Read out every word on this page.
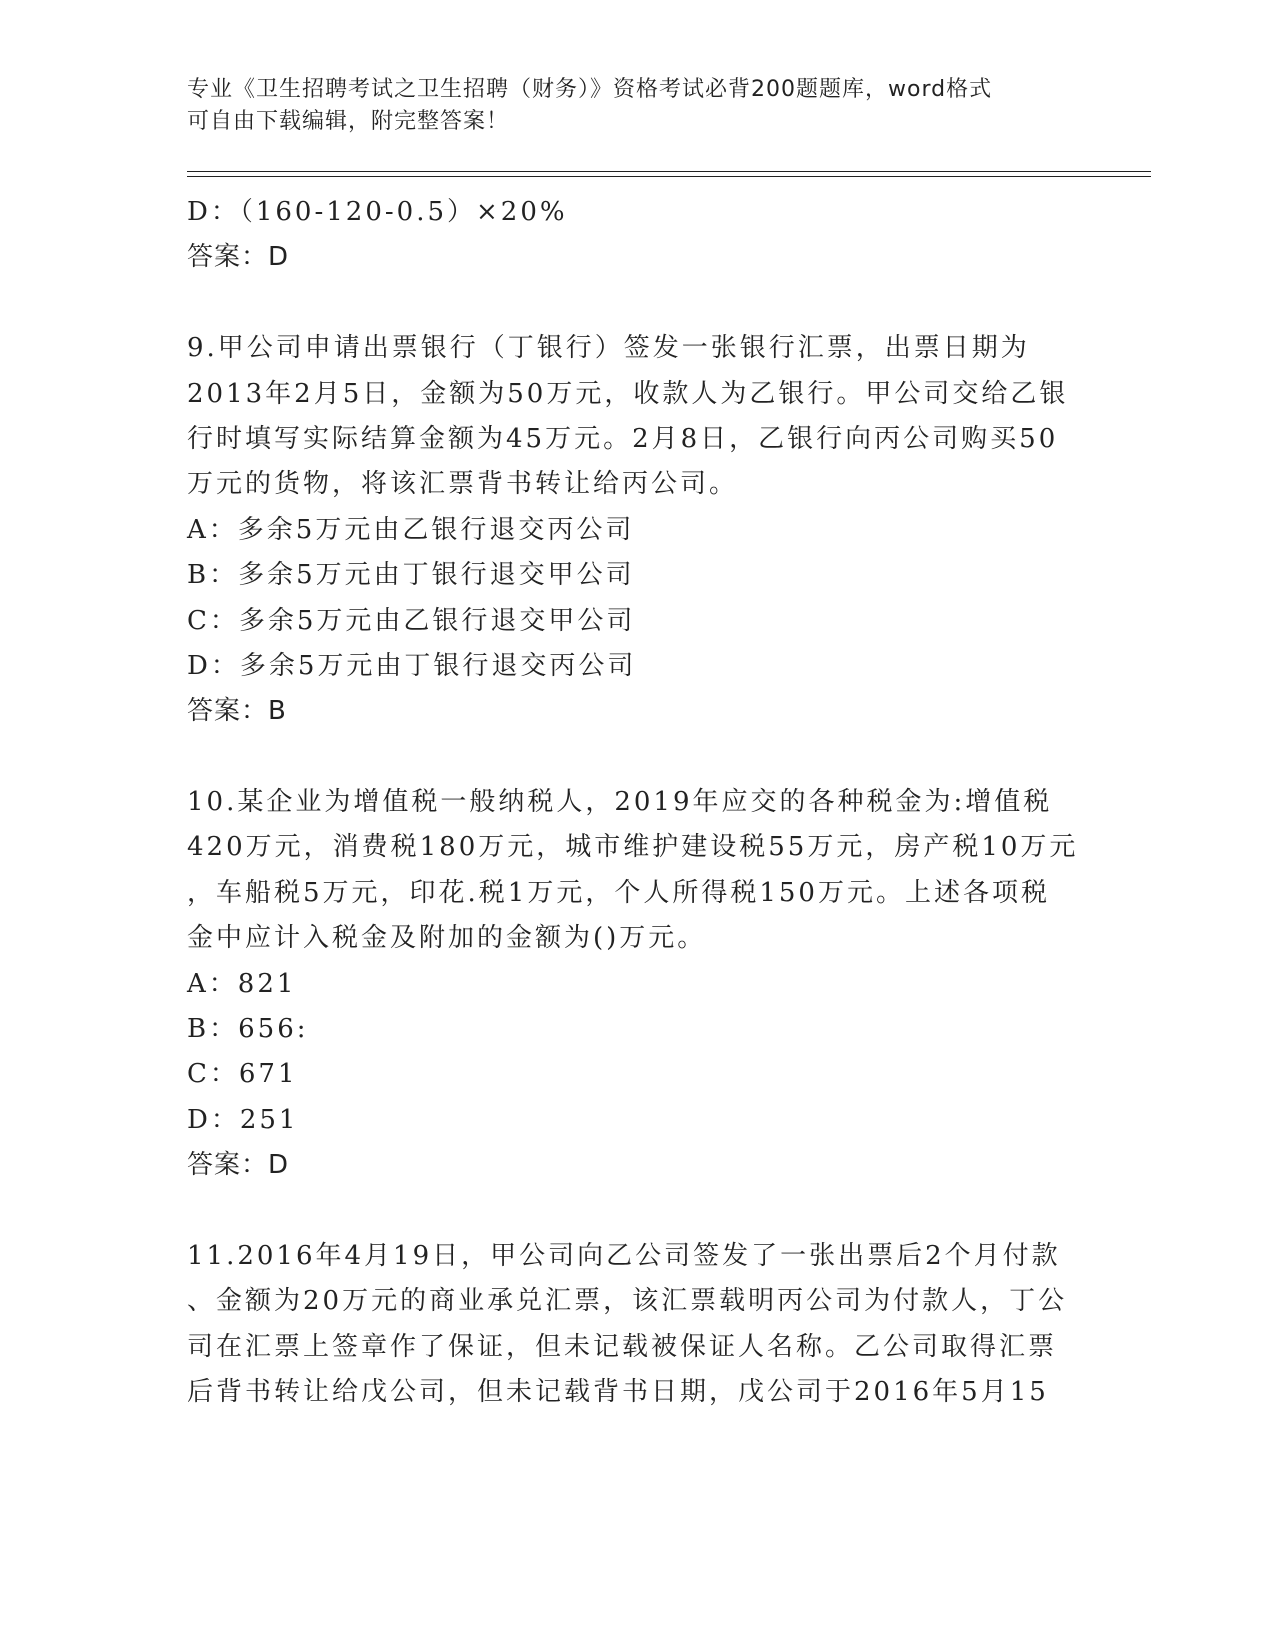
专业《卫生招聘考试之卫生招聘（财务）》资格考试必背200题题库，word格式
可自由下载编辑，附完整答案！
D：（160-120-0.5）×20%
答案：D
9.甲公司申请出票银行（丁银行）签发一张银行汇票，出票日期为
2013年2月5日，金额为50万元，收款人为乙银行。甲公司交给乙银
行时填写实际结算金额为45万元。2月8日，乙银行向丙公司购买50
万元的货物，将该汇票背书转让给丙公司。
A：多余5万元由乙银行退交丙公司
B：多余5万元由丁银行退交甲公司
C：多余5万元由乙银行退交甲公司
D：多余5万元由丁银行退交丙公司
答案：B
10.某企业为增值税一般纳税人，2019年应交的各种税金为:增值税
420万元，消费税180万元，城市维护建设税55万元，房产税10万元
，车船税5万元，印花.税1万元，个人所得税150万元。上述各项税
金中应计入税金及附加的金额为()万元。
A：821
B：656:
C：671
D：251
答案：D
11.2016年4月19日，甲公司向乙公司签发了一张出票后2个月付款
、金额为20万元的商业承兑汇票，该汇票载明丙公司为付款人，丁公
司在汇票上签章作了保证，但未记载被保证人名称。乙公司取得汇票
后背书转让给戊公司，但未记载背书日期，戊公司于2016年5月15
